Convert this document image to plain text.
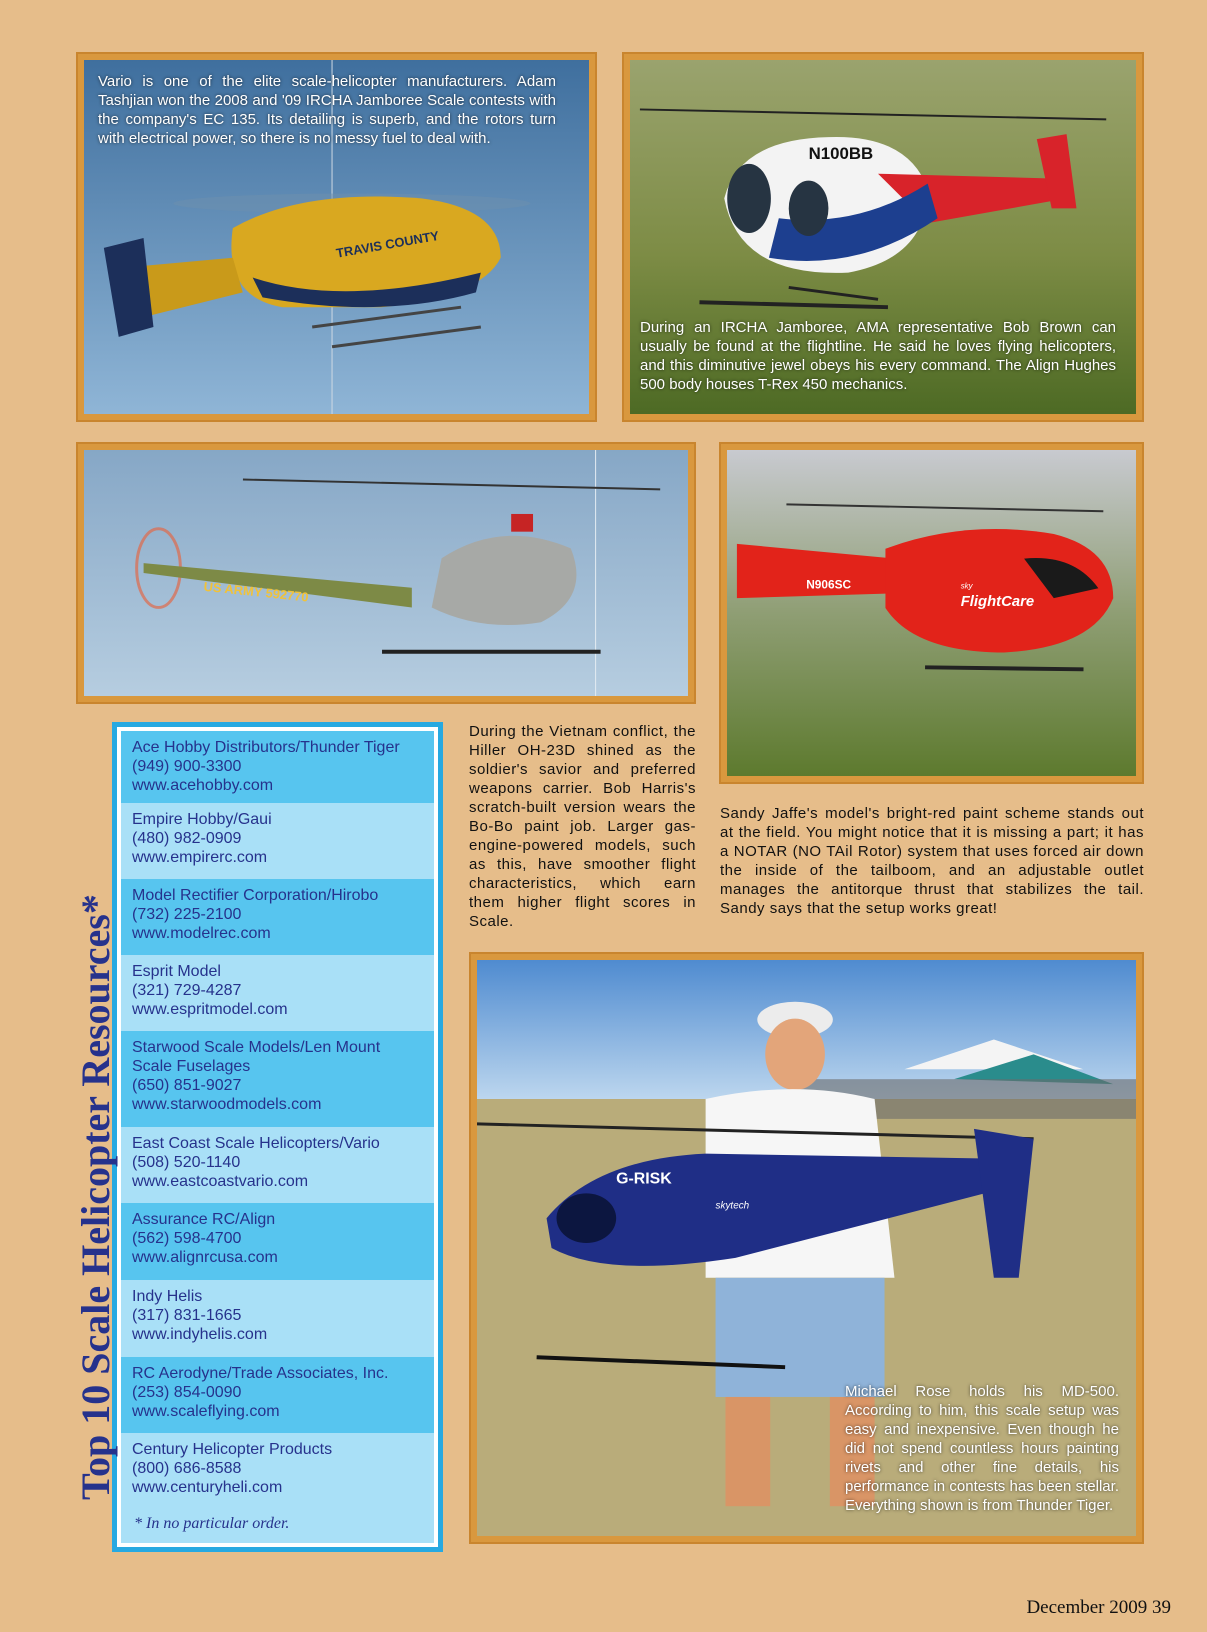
TRAVIS COUNTY

Vario is one of the elite scale-helicopter manufacturers. Adam Tashjian won the 2008 and '09 IRCHA Jamboree Scale contests with the company's EC 135. Its detailing is superb, and the rotors turn with electrical power, so there is no messy fuel to deal with.

N100BB

During an IRCHA Jamboree, AMA representative Bob Brown can usually be found at the flightline. He said he loves flying helicopters, and this diminutive jewel obeys his every command. The Align Hughes 500 body houses T-Rex 450 mechanics.

US ARMY 592770	N906SC	sky
FlightCare
Ace Hobby Distributors/Thunder Tiger
(949) 900-3300
www.acehobby.com
Empire Hobby/Gaui
(480) 982-0909
www.empirerc.com
Model Rectifier Corporation/Hirobo
(732) 225-2100
www.modelrec.com
Esprit Model
(321) 729-4287
www.espritmodel.com
Starwood Scale Models/Len Mount
Scale Fuselages
(650) 851-9027
www.starwoodmodels.com
East Coast Scale Helicopters/Vario
(508) 520-1140
www.eastcoastvario.com
Assurance RC/Align
(562) 598-4700
www.alignrcusa.com
Indy Helis
(317) 831-1665
www.indyhelis.com
RC Aerodyne/Trade Associates, Inc.
(253) 854-0090
www.scaleflying.com
Century Helicopter Products
(800) 686-8588
www.centuryheli.com
* In no particular order.
Top 10 Scale Helicopter Resources*

During the Vietnam conflict, the Hiller OH-23D shined as the soldier's savior and preferred weapons carrier. Bob Harris's scratch-built version wears the Bo-Bo paint job. Larger gas-engine-powered models, such as this, have smoother flight characteristics, which earn them higher flight scores in Scale.

Sandy Jaffe's model's bright-red paint scheme stands out at the field. You might notice that it is missing a part; it has a NOTAR (NO TAil Rotor) system that uses forced air down the inside of the tailboom, and an adjustable outlet manages the antitorque thrust that stabilizes the tail. Sandy says that the setup works great!

G-RISK
skytech

Michael Rose holds his MD-500. According to him, this scale setup was easy and inexpensive. Even though he did not spend countless hours painting rivets and other fine details, his performance in contests has been stellar. Everything shown is from Thunder Tiger.

December 2009 39
